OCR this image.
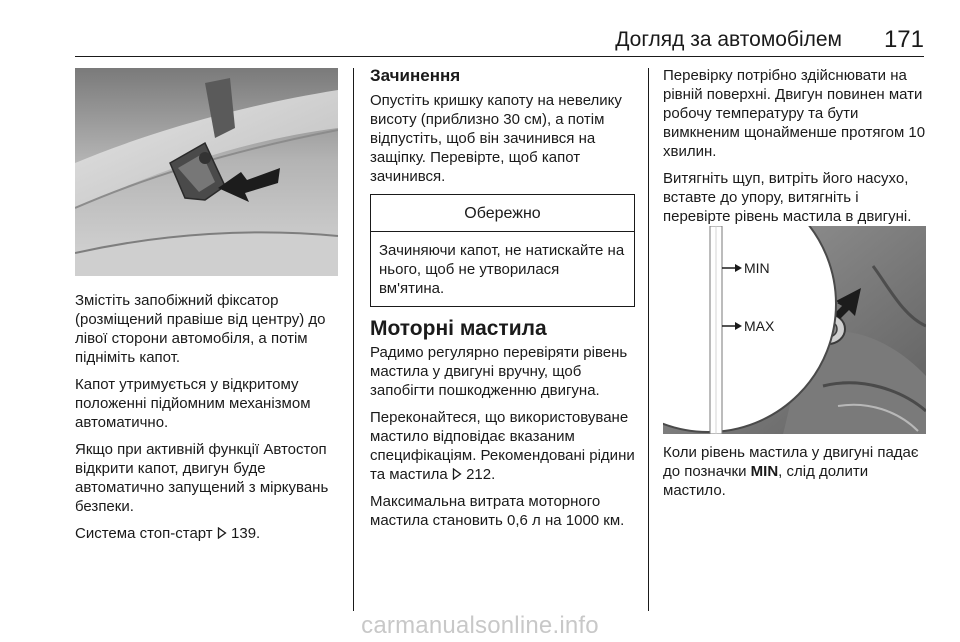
Догляд за автомобілем 171

Змістіть запобіжний фіксатор (розміщений правіше від центру) до лівої сторони автомобіля, а потім підніміть капот.

Капот утримується у відкритому положенні підйомним механізмом автоматично.

Якщо при активній функції Автостоп відкрити капот, двигун буде автоматично запущений з міркувань безпеки.

Система стоп-старт 139.

Зачинення

Опустіть кришку капоту на невелику висоту (приблизно 30 см), а потім відпустіть, щоб він зачинився на защіпку. Перевірте, щоб капот зачинився.

Обережно
Зачиняючи капот, не натискайте на нього, щоб не утворилася вм'ятина.
Моторні мастила

Радимо регулярно перевіряти рівень мастила у двигуні вручну, щоб запобігти пошкодженню двигуна.

Переконайтеся, що використовуване мастило відповідає вказаним специфікаціям. Рекомендовані рідини та мастила 212.

Максимальна витрата моторного мастила становить 0,6 л на 1000 км.

Перевірку потрібно здійснювати на рівній поверхні. Двигун повинен мати робочу температуру та бути вимкненим щонайменше протягом 10 хвилин.

Витягніть щуп, витріть його насухо, вставте до упору, витягніть і перевірте рівень мастила в двигуні.

MIN
MAX
Коли рівень мастила у двигуні падає до позначки MIN, слід долити мастило.
carmanualsonline.info
